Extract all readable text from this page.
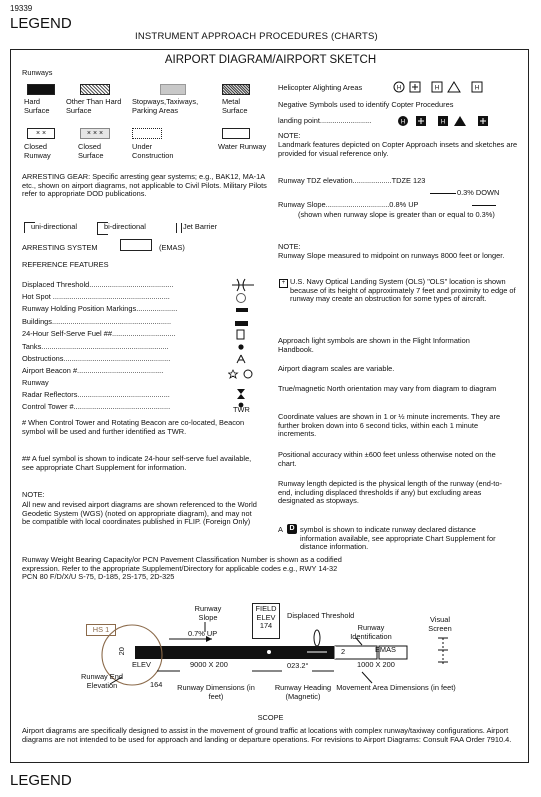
19339
LEGEND
INSTRUMENT APPROACH PROCEDURES (CHARTS)
AIRPORT DIAGRAM/AIRPORT SKETCH
Runways
Hard Surface
Other Than Hard Surface
Stopways,Taxiways, Parking Areas
Metal Surface
× ×	× × ×
Closed Runway
Closed Surface
Under Construction
Water Runway
ARRESTING GEAR: Specific arresting gear systems; e.g., BAK12, MA-1A etc., shown on airport diagrams, not applicable to Civil Pilots. Military Pilots refer to appropriate DOD publications.
uni-directional	bi-directional	Jet Barrier
ARRESTING SYSTEM	(EMAS)
REFERENCE FEATURES
Displaced Threshold.........................................
Hot Spot .........................................................
Runway Holding Position Markings....................
Buildings..........................................................
24-Hour Self-Serve Fuel ##...............................
Tanks..............................................................
Obstructions....................................................
Airport Beacon #..........................................
Runway
Radar Reflectors.............................................
Control Tower #...............................................	TWR
# When Control Tower and Rotating Beacon are co-located, Beacon symbol will be used and further identified as TWR.
## A fuel symbol is shown to indicate 24-hour self-serve fuel available, see appropriate Chart Supplement for information.
NOTE:
All new and revised airport diagrams are shown referenced to the World Geodetic System (WGS) (noted on appropriate diagram), and may not be compatible with local coordinates published in FLIP. (Foreign Only)
Helicopter Alighting Areas	H	H	H
Negative Symbols used to identify Copter Procedures
landing point.........................	H	H
NOTE:
Landmark features depicted on Copter Approach insets and sketches are provided for visual reference only.
Runway TDZ elevation...................TDZE 123
0.3% DOWN
Runway Slope...............................0.8% UP
(shown when runway slope is greater than or equal to 0.3%)
NOTE:
Runway Slope measured to midpoint on runways 8000 feet or longer.
+ U.S. Navy Optical Landing System (OLS) "OLS" location is shown because of its height of approximately 7 feet and proximity to edge of runway may create an obstruction for some types of aircraft.
Approach light symbols are shown in the Flight Information Handbook.
Airport diagram scales are variable.
True/magnetic North orientation may vary from diagram to diagram
Coordinate values are shown in 1 or ½ minute increments. They are further broken down into 6 second ticks, within each 1 minute increments.
Positional accuracy within ±600 feet unless otherwise noted on the chart.
Runway length depicted is the physical length of the runway (end-to-end, including displaced thresholds if any) but excluding areas designated as stopways.
A D symbol is shown to indicate runway declared distance information available, see appropriate Chart Supplement for distance information.
Runway Weight Bearing Capacity/or PCN Pavement Classification Number is shown as a codified expression. Refer to the appropriate Supplement/Directory for applicable codes e.g., RWY 14-32 PCN 80 F/D/X/U S-75, D-185, 2S-175, 2D-325
Runway Slope
0.7% UP
FIELD ELEV
174
Displaced Threshold
Runway Identification
Visual Screen
HS 1
20	2
ELEV
164
9000 X 200	023.2°	1000 X 200
EMAS
Runway End Elevation	Runway Dimensions (in feet)
Runway Heading (Magnetic)
Movement Area Dimensions (in feet)
SCOPE
Airport diagrams are specifically designed to assist in the movement of ground traffic at locations with complex runway/taxiway configurations. Airport diagrams are not intended to be used for approach and landing or departure operations. For revisions to Airport Diagrams: Consult FAA Order 7910.4.
LEGEND
